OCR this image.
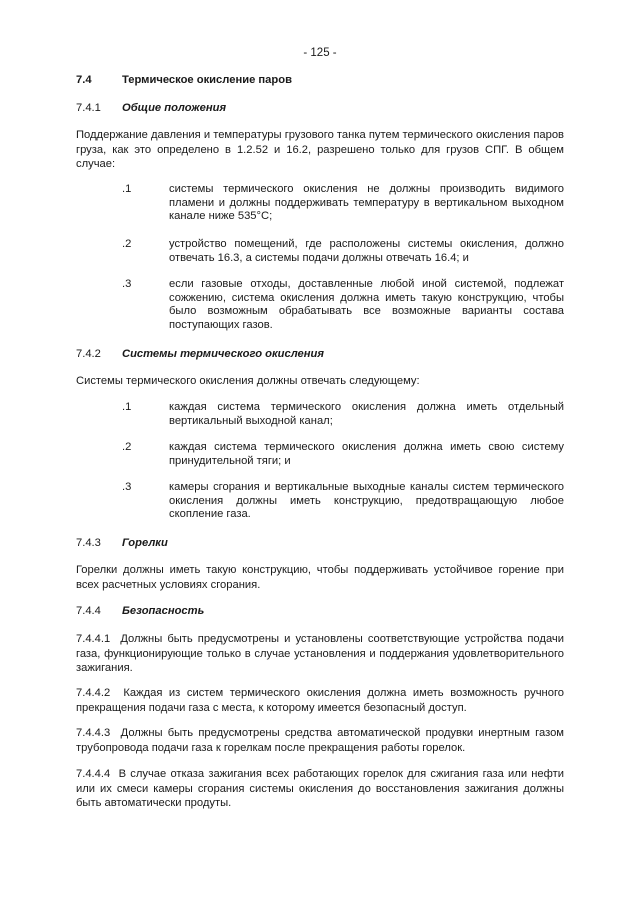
- 125 -
7.4	Термическое окисление паров
7.4.1 Общие положения
Поддержание давления и температуры грузового танка путем термического окисления паров груза, как это определено в 1.2.52 и 16.2, разрешено только для грузов СПГ. В общем случае:
.1	системы термического окисления не должны производить видимого пламени и должны поддерживать температуру в вертикальном выходном канале ниже 535°C;
.2	устройство помещений, где расположены системы окисления, должно отвечать 16.3, а системы подачи должны отвечать 16.4; и
.3	если газовые отходы, доставленные любой иной системой, подлежат сожжению, система окисления должна иметь такую конструкцию, чтобы было возможным обрабатывать все возможные варианты состава поступающих газов.
7.4.2 Системы термического окисления
Системы термического окисления должны отвечать следующему:
.1	каждая система термического окисления должна иметь отдельный вертикальный выходной канал;
.2	каждая система термического окисления должна иметь свою систему принудительной тяги; и
.3	камеры сгорания и вертикальные выходные каналы систем термического окисления должны иметь конструкцию, предотвращающую любое скопление газа.
7.4.3 Горелки
Горелки должны иметь такую конструкцию, чтобы поддерживать устойчивое горение при всех расчетных условиях сгорания.
7.4.4 Безопасность
7.4.4.1 Должны быть предусмотрены и установлены соответствующие устройства подачи газа, функционирующие только в случае установления и поддержания удовлетворительного зажигания.
7.4.4.2 Каждая из систем термического окисления должна иметь возможность ручного прекращения подачи газа с места, к которому имеется безопасный доступ.
7.4.4.3 Должны быть предусмотрены средства автоматической продувки инертным газом трубопровода подачи газа к горелкам после прекращения работы горелок.
7.4.4.4 В случае отказа зажигания всех работающих горелок для сжигания газа или нефти или их смеси камеры сгорания системы окисления до восстановления зажигания должны быть автоматически продуты.
